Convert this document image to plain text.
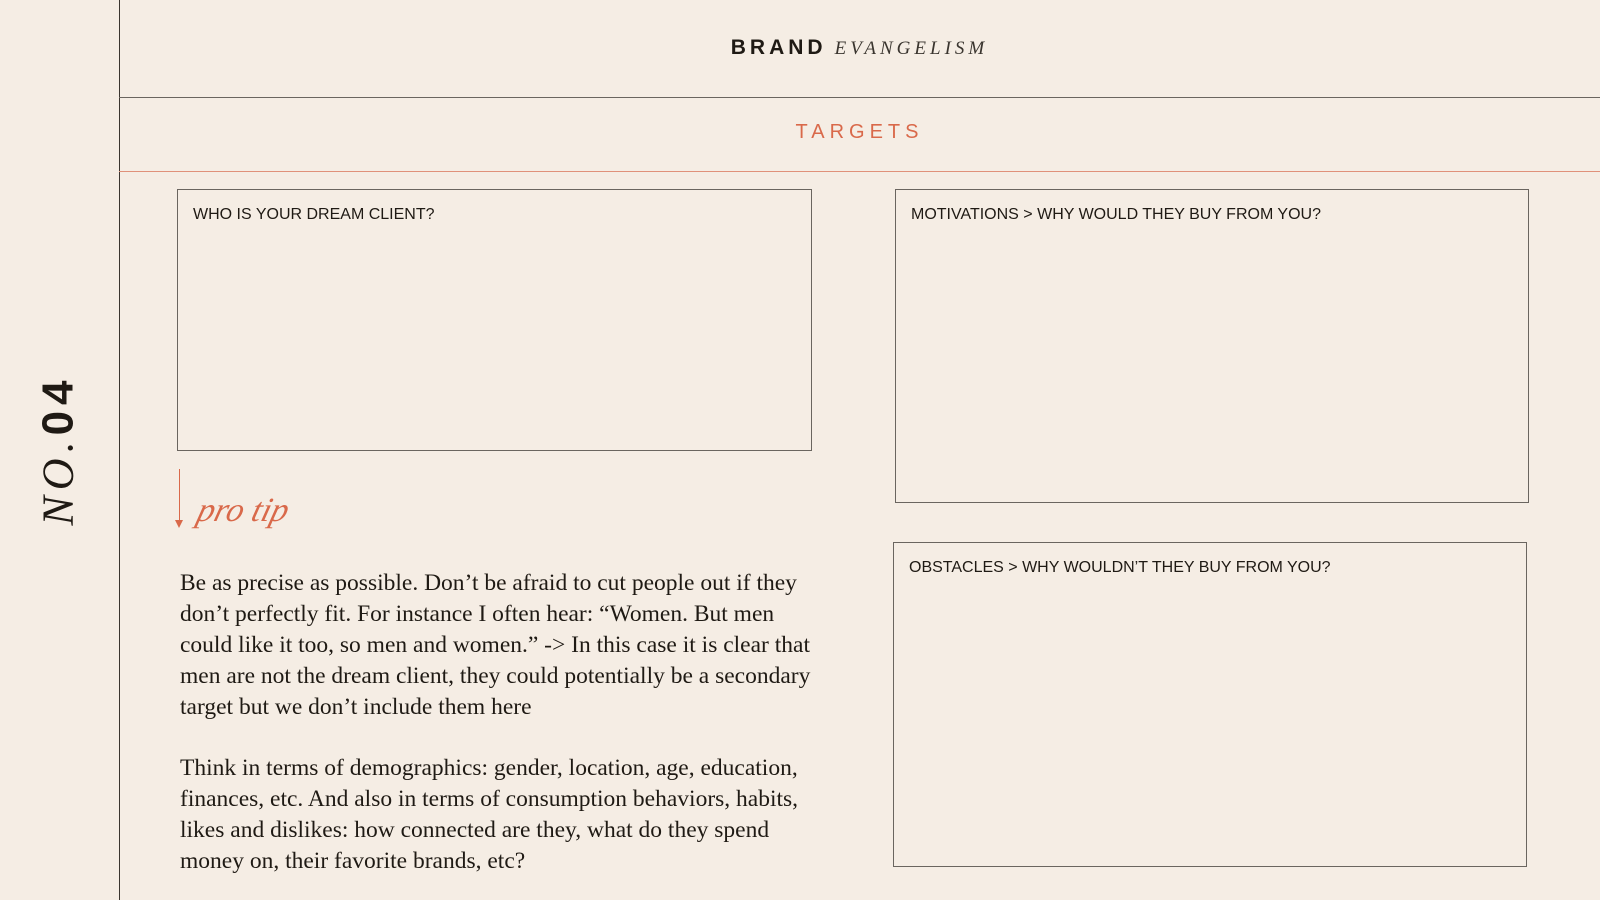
BRAND EVANGELISM
TARGETS
NO.04
WHO IS YOUR DREAM CLIENT?	MOTIVATIONS > WHY WOULD THEY BUY FROM YOU?
OBSTACLES > WHY WOULDN’T THEY BUY FROM YOU?
pro tip

Be as precise as possible. Don’t be afraid to cut people out if they don’t perfectly fit. For instance I often hear: “Women. But men could like it too, so men and women.” -> In this case it is clear that men are not the dream client, they could potentially be a secondary target but we don’t include them here

Think in terms of demographics: gender, location, age, education, finances, etc. And also in terms of consumption behaviors, habits, likes and dislikes: how connected are they, what do they spend money on, their favorite brands, etc?
